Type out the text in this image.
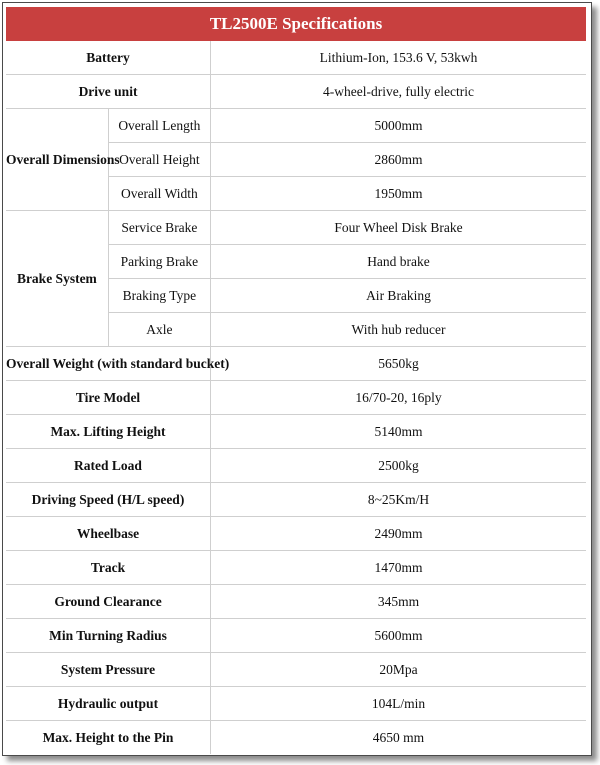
TL2500E Specifications
Battery		Lithium-Ion, 153.6 V, 53kwh
Drive unit		4-wheel-drive, fully electric
Overall Dimensions	Overall Length	5000mm
	Overall Height	2860mm
	Overall Width	1950mm
Brake System	Service Brake	Four Wheel Disk Brake
	Parking Brake	Hand brake
	Braking Type	Air Braking
	Axle	With hub reducer
Overall Weight (with standard bucket)		5650kg
Tire Model		16/70-20, 16ply
Max. Lifting Height		5140mm
Rated Load		2500kg
Driving Speed (H/L speed)		8~25Km/H
Wheelbase		2490mm
Track		1470mm
Ground Clearance		345mm
Min Turning Radius		5600mm
System Pressure		20Mpa
Hydraulic output		104L/min
Max. Height to the Pin		4650 mm
